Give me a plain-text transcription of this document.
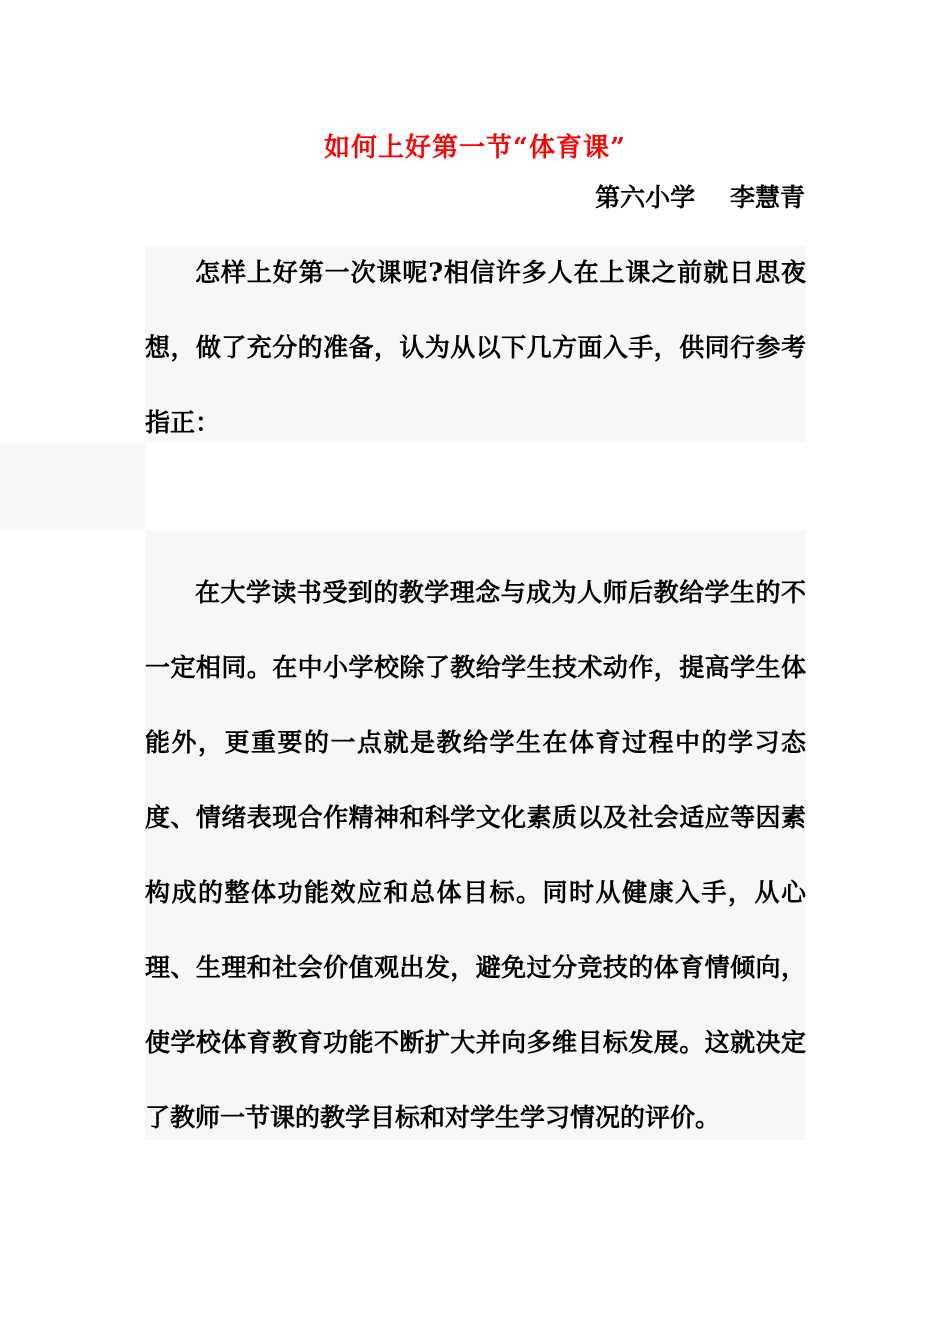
如何上好第一节“体育课”
第六小学    李慧青

怎样上好第一次课呢?相信许多人在上课之前就日思夜想，做了充分的准备，认为从以下几方面入手，供同行参考指正：

在大学读书受到的教学理念与成为人师后教给学生的不一定相同。在中小学校除了教给学生技术动作，提高学生体能外，更重要的一点就是教给学生在体育过程中的学习态度、情绪表现合作精神和科学文化素质以及社会适应等因素构成的整体功能效应和总体目标。同时从健康入手，从心理、生理和社会价值观出发，避免过分竞技的体育情倾向，使学校体育教育功能不断扩大并向多维目标发展。这就决定了教师一节课的教学目标和对学生学习情况的评价。
